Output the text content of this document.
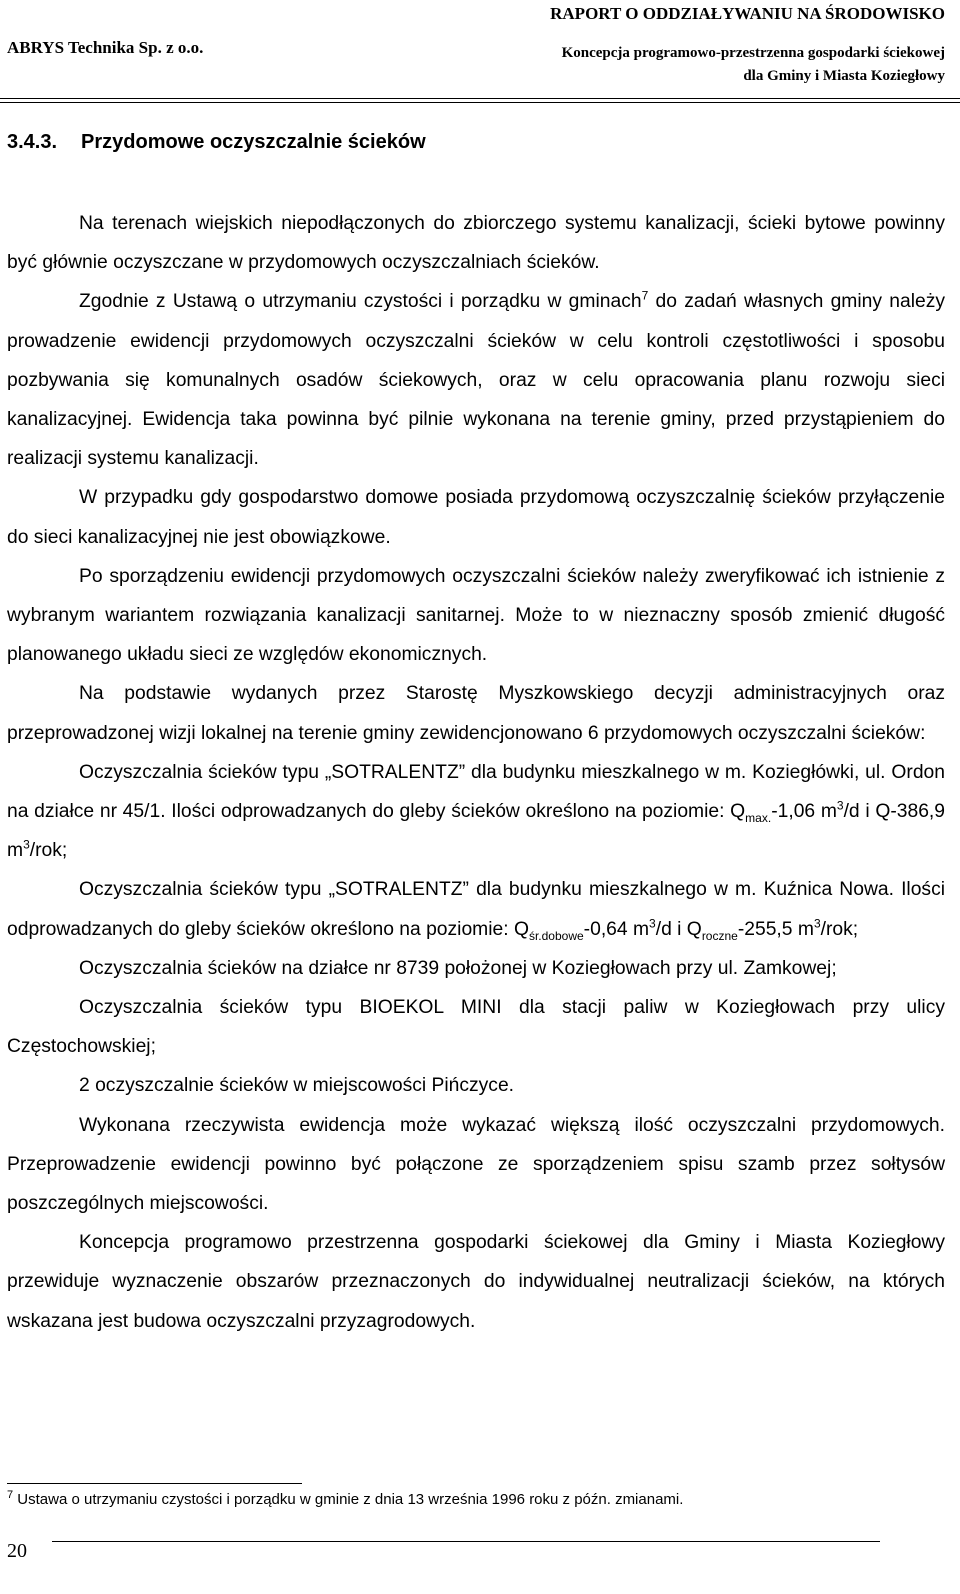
RAPORT O ODDZIAŁYWANIU NA ŚRODOWISKO
ABRYS Technika Sp. z o.o.	Koncepcja programowo-przestrzenna gospodarki ściekowej
dla Gminy i Miasta Koziegłowy
3.4.3. Przydomowe oczyszczalnie ścieków

Na terenach wiejskich niepodłączonych do zbiorczego systemu kanalizacji, ścieki bytowe powinny być głównie oczyszczane w przydomowych oczyszczalniach ścieków.

Zgodnie z Ustawą o utrzymaniu czystości i porządku w gminach$^7$ do zadań własnych gminy należy prowadzenie ewidencji przydomowych oczyszczalni ścieków w celu kontroli częstotliwości i sposobu pozbywania się komunalnych osadów ściekowych, oraz w celu opracowania planu rozwoju sieci kanalizacyjnej. Ewidencja taka powinna być pilnie wykonana na terenie gminy, przed przystąpieniem do realizacji systemu kanalizacji.

W przypadku gdy gospodarstwo domowe posiada przydomową oczyszczalnię ścieków przyłączenie do sieci kanalizacyjnej nie jest obowiązkowe.

Po sporządzeniu ewidencji przydomowych oczyszczalni ścieków należy zweryfikować ich istnienie z wybranym wariantem rozwiązania kanalizacji sanitarnej. Może to w nieznaczny sposób zmienić długość planowanego układu sieci ze względów ekonomicznych.

Na podstawie wydanych przez Starostę Myszkowskiego decyzji administracyjnych oraz przeprowadzonej wizji lokalnej na terenie gminy zewidencjonowano 6 przydomowych oczyszczalni ścieków:

Oczyszczalnia ścieków typu „SOTRALENTZ” dla budynku mieszkalnego w m. Koziegłówki, ul. Ordon na działce nr 45/1. Ilości odprowadzanych do gleby ścieków określono na poziomie: $Q_{max.}-1,06$ $m^3/d$ i Q-386,9 $m^3$/rok;

Oczyszczalnia ścieków typu „SOTRALENTZ” dla budynku mieszkalnego w m. Kuźnica Nowa. Ilości odprowadzanych do gleby ścieków określono na poziomie: $Q_{śr.dobowe}-0,64$ $m^3/d$ i $Q_{roczne}-255,5$ $m^3$/rok;

Oczyszczalnia ścieków na działce nr 8739 położonej w Koziegłowach przy ul. Zamkowej;

Oczyszczalnia ścieków typu BIOEKOL MINI dla stacji paliw w Koziegłowach przy ulicy Częstochowskiej;

2 oczyszczalnie ścieków w miejscowości Pińczyce.

Wykonana rzeczywista ewidencja może wykazać większą ilość oczyszczalni przydomowych. Przeprowadzenie ewidencji powinno być połączone ze sporządzeniem spisu szamb przez sołtysów poszczególnych miejscowości.

Koncepcja programowo przestrzenna gospodarki ściekowej dla Gminy i Miasta Koziegłowy przewiduje wyznaczenie obszarów przeznaczonych do indywidualnej neutralizacji ścieków, na których wskazana jest budowa oczyszczalni przyzagrodowych.

$^7$ Ustawa o utrzymaniu czystości i porządku w gminie z dnia 13 września 1996 roku z późn. zmianami.
20
